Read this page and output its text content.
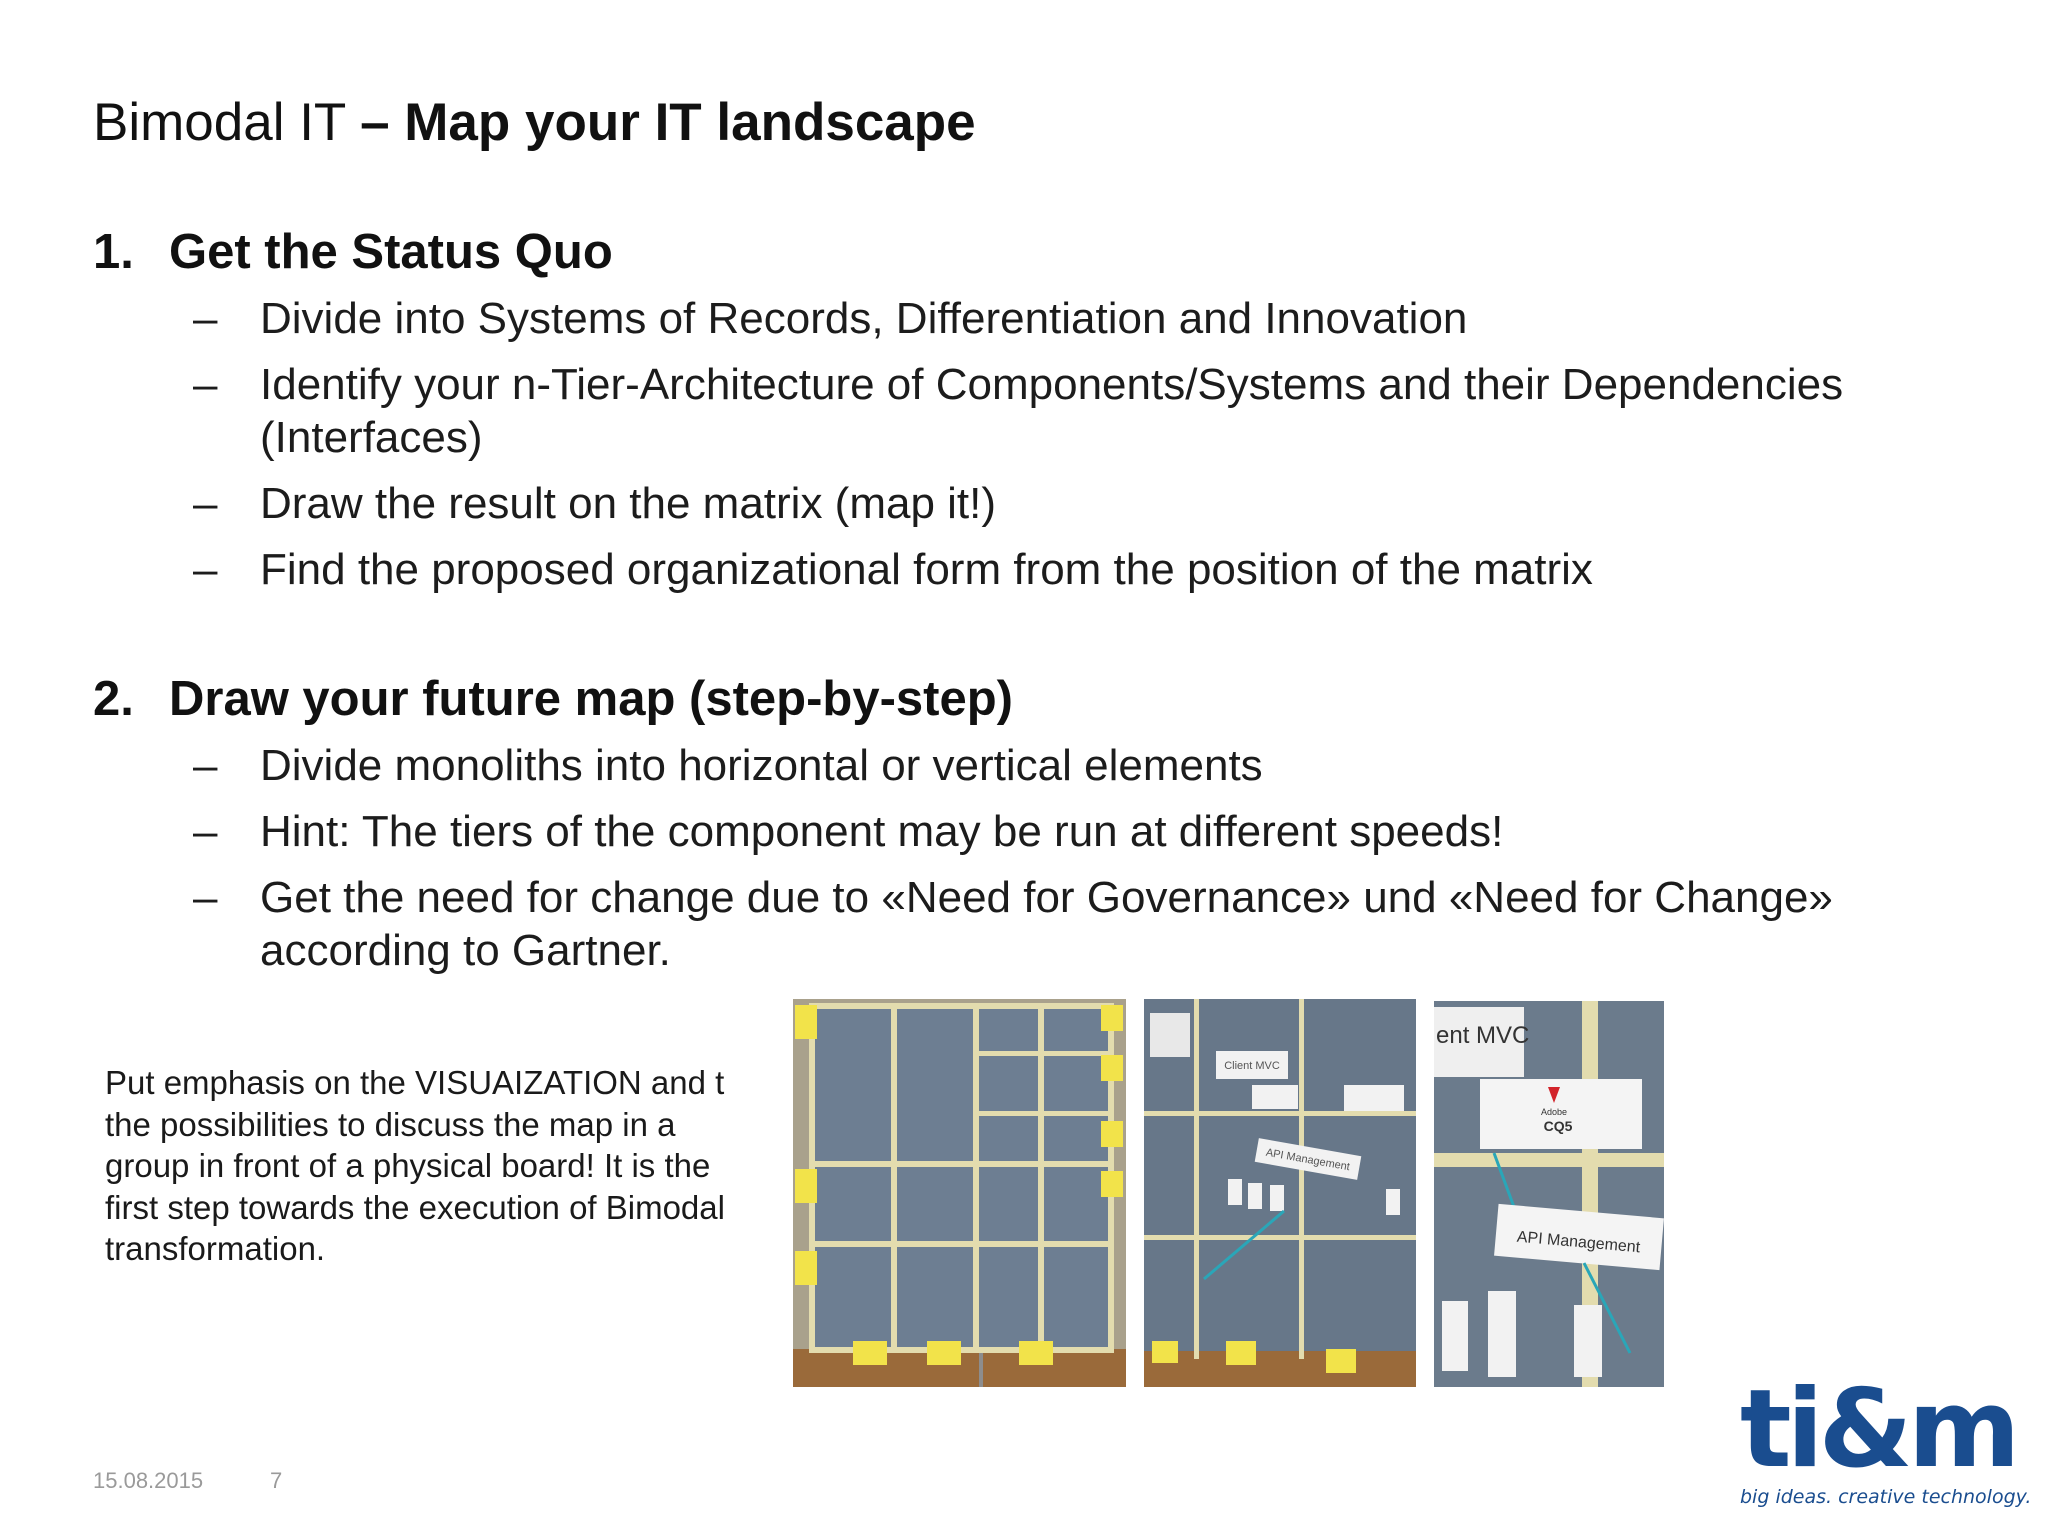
Bimodal IT – Map your IT landscape
1. Get the Status Quo
– Divide into Systems of Records, Differentiation and Innovation
– Identify your n-Tier-Architecture of Components/Systems and their Dependencies (Interfaces)
– Draw the result on the matrix (map it!)
– Find the proposed organizational form from the position of the matrix
2. Draw your future map (step-by-step)
– Divide monoliths into horizontal or vertical elements
– Hint: The tiers of the component may be run at different speeds!
– Get the need for change due to «Need for Governance» und «Need for Change» according to Gartner.

Put emphasis on the VISUAIZATION and t the possibilities to discuss the map in a group in front of a physical board! It is the first step towards the execution of Bimodal transformation.

Client MVC
API Management
ent MVC
Adobe
CQ5
API Management
15.08.2015	7	ti&m
big ideas. creative technology.
